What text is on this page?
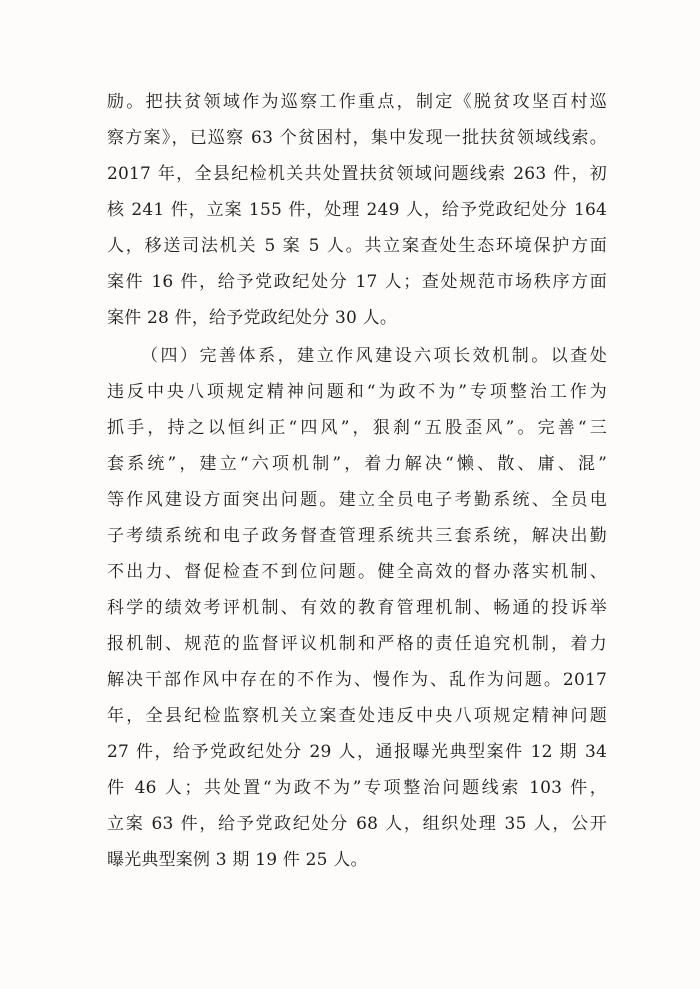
励。把扶贫领域作为巡察工作重点，制定《脱贫攻坚百村巡
察方案》，已巡察 63 个贫困村，集中发现一批扶贫领域线索。
2017 年，全县纪检机关共处置扶贫领域问题线索 263 件，初
核 241 件，立案 155 件，处理 249 人，给予党政纪处分 164
人，移送司法机关 5 案 5 人。共立案查处生态环境保护方面
案件 16 件，给予党政纪处分 17 人；查处规范市场秩序方面
案件 28 件，给予党政纪处分 30 人。
（四）完善体系，建立作风建设六项长效机制。以查处
违反中央八项规定精神问题和“为政不为”专项整治工作为
抓手，持之以恒纠正“四风”，狠刹“五股歪风”。完善“三
套系统”，建立“六项机制”，着力解决“懒、散、庸、混”
等作风建设方面突出问题。建立全员电子考勤系统、全员电
子考绩系统和电子政务督查管理系统共三套系统，解决出勤
不出力、督促检查不到位问题。健全高效的督办落实机制、
科学的绩效考评机制、有效的教育管理机制、畅通的投诉举
报机制、规范的监督评议机制和严格的责任追究机制，着力
解决干部作风中存在的不作为、慢作为、乱作为问题。2017
年，全县纪检监察机关立案查处违反中央八项规定精神问题
27 件，给予党政纪处分 29 人，通报曝光典型案件 12 期 34
件 46 人；共处置“为政不为”专项整治问题线索 103 件，
立案 63 件，给予党政纪处分 68 人，组织处理 35 人，公开
曝光典型案例 3 期 19 件 25 人。
